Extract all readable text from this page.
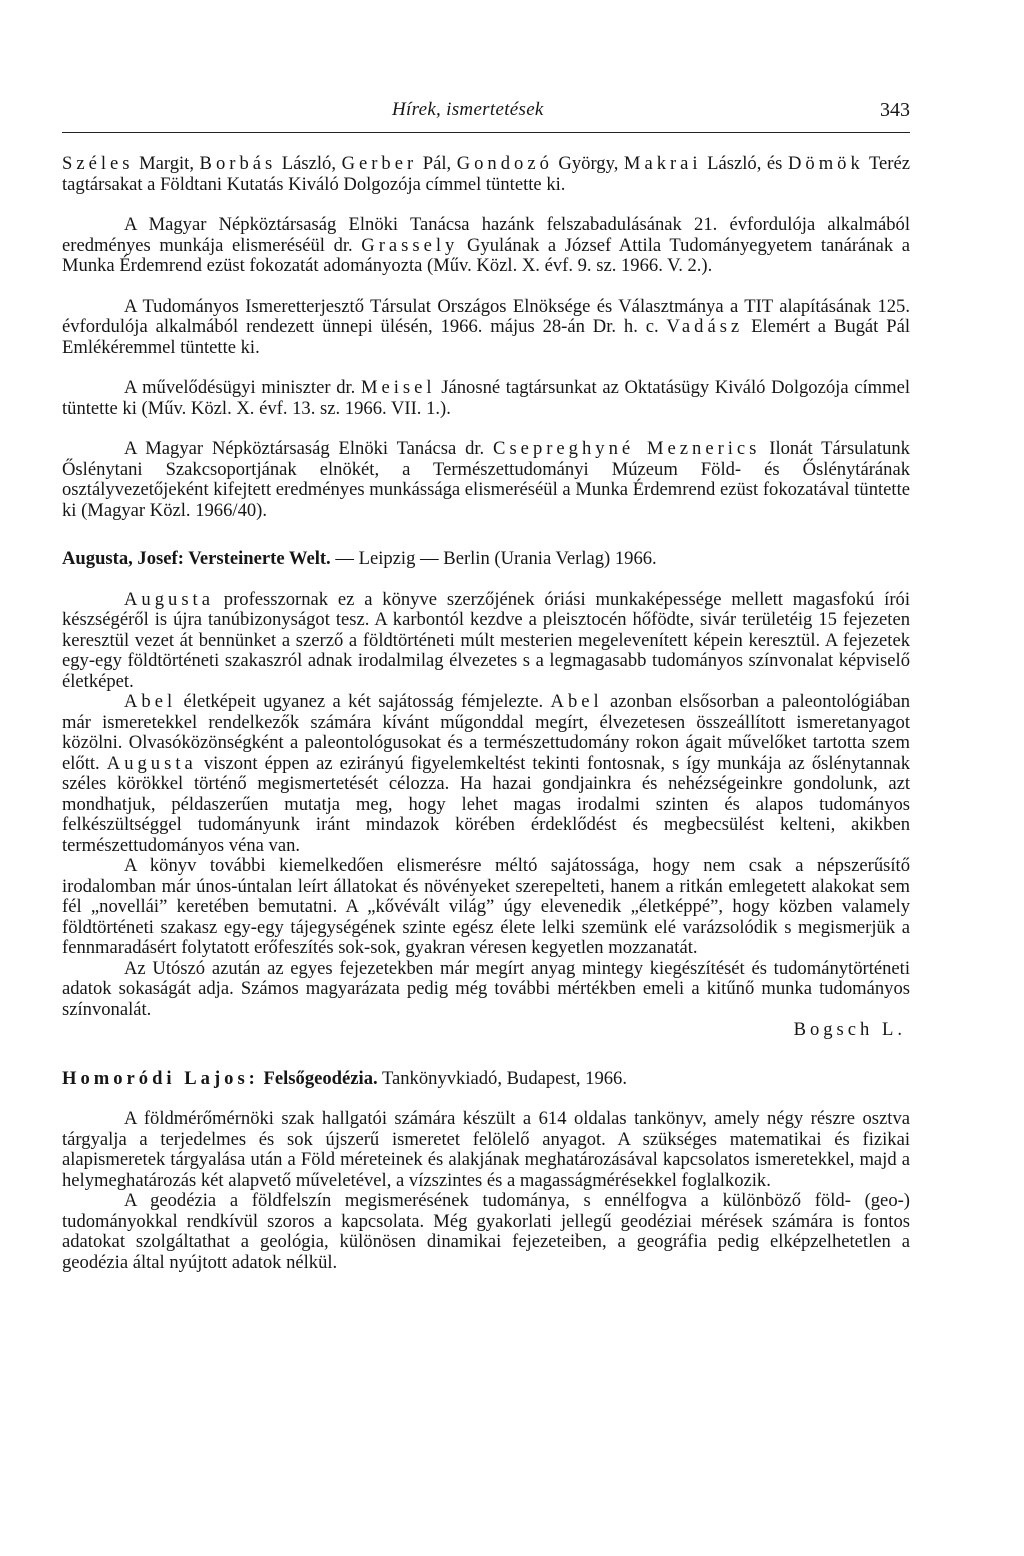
Hírek, ismertetések	343

Széles Margit, Borbás László, Gerber Pál, Gondozó György, Makrai László, és Dömök Teréz tagtársakat a Földtani Kutatás Kiváló Dolgozója címmel tüntette ki.

A Magyar Népköztársaság Elnöki Tanácsa hazánk felszabadulásának 21. évfordulója alkalmából eredményes munkája elismeréséül dr. Grassely Gyulának a József Attila Tudományegyetem tanárának a Munka Érdemrend ezüst fokozatát adományozta (Műv. Közl. X. évf. 9. sz. 1966. V. 2.).

A Tudományos Ismeretterjesztő Társulat Országos Elnöksége és Választmánya a TIT alapításának 125. évfordulója alkalmából rendezett ünnepi ülésén, 1966. május 28-án Dr. h. c. Vadász Elemért a Bugát Pál Emlékéremmel tüntette ki.

A művelődésügyi miniszter dr. Meisel Jánosné tagtársunkat az Oktatásügy Kiváló Dolgozója címmel tüntette ki (Műv. Közl. X. évf. 13. sz. 1966. VII. 1.).

A Magyar Népköztársaság Elnöki Tanácsa dr. Csepreghyné Meznerics Ilonát Társulatunk Őslénytani Szakcsoportjának elnökét, a Természettudományi Múzeum Föld- és Őslénytárának osztályvezetőjeként kifejtett eredményes munkássága elismeréséül a Munka Érdemrend ezüst fokozatával tüntette ki (Magyar Közl. 1966/40).

Augusta, Josef: Versteinerte Welt. — Leipzig — Berlin (Urania Verlag) 1966.

Augusta professzornak ez a könyve szerzőjének óriási munkaképessége mellett magasfokú írói készségéről is újra tanúbizonyságot tesz. A karbontól kezdve a pleisztocén hőfödte, sivár területéig 15 fejezeten keresztül vezet át bennünket a szerző a földtörténeti múlt mesterien megelevenített képein keresztül. A fejezetek egy-egy földtörténeti szakaszról adnak irodalmilag élvezetes s a legmagasabb tudományos színvonalat képviselő életképet.

Abel életképeit ugyanez a két sajátosság fémjelezte. Abel azonban elsősorban a paleontológiában már ismeretekkel rendelkezők számára kívánt műgonddal megírt, élvezetesen összeállított ismeretanyagot közölni. Olvasóközönségként a paleontológusokat és a természettudomány rokon ágait művelőket tartotta szem előtt. Augusta viszont éppen az ezirányú figyelemkeltést tekinti fontosnak, s így munkája az őslénytannak széles körökkel történő megismertetését célozza. Ha hazai gondjainkra és nehézségeinkre gondolunk, azt mondhatjuk, példaszerűen mutatja meg, hogy lehet magas irodalmi szinten és alapos tudományos felkészültséggel tudományunk iránt mindazok körében érdeklődést és megbecsülést kelteni, akikben természettudományos véna van.

A könyv további kiemelkedően elismerésre méltó sajátossága, hogy nem csak a népszerűsítő irodalomban már únos-úntalan leírt állatokat és növényeket szerepelteti, hanem a ritkán emlegetett alakokat sem fél „novellái” keretében bemutatni. A „kővévált világ” úgy elevenedik „életképpé”, hogy közben valamely földtörténeti szakasz egy-egy tájegységének szinte egész élete lelki szemünk elé varázsolódik s megismerjük a fennmaradásért folytatott erőfeszítés sok-sok, gyakran véresen kegyetlen mozzanatát.

Az Utószó azután az egyes fejezetekben már megírt anyag mintegy kiegészítését és tudománytörténeti adatok sokaságát adja. Számos magyarázata pedig még további mértékben emeli a kitűnő munka tudományos színvonalát.

Bogsch L.

Homoródi Lajos: Felsőgeodézia. Tankönyvkiadó, Budapest, 1966.

A földmérőmérnöki szak hallgatói számára készült a 614 oldalas tankönyv, amely négy részre osztva tárgyalja a terjedelmes és sok újszerű ismeretet felölelő anyagot. A szükséges matematikai és fizikai alapismeretek tárgyalása után a Föld méreteinek és alakjának meghatározásával kapcsolatos ismeretekkel, majd a helymeghatározás két alapvető műveletével, a vízszintes és a magasságmérésekkel foglalkozik.

A geodézia a földfelszín megismerésének tudománya, s ennélfogva a különböző föld- (geo-) tudományokkal rendkívül szoros a kapcsolata. Még gyakorlati jellegű geodéziai mérések számára is fontos adatokat szolgáltathat a geológia, különösen dinamikai fejezeteiben, a geográfia pedig elképzelhetetlen a geodézia által nyújtott adatok nélkül.
